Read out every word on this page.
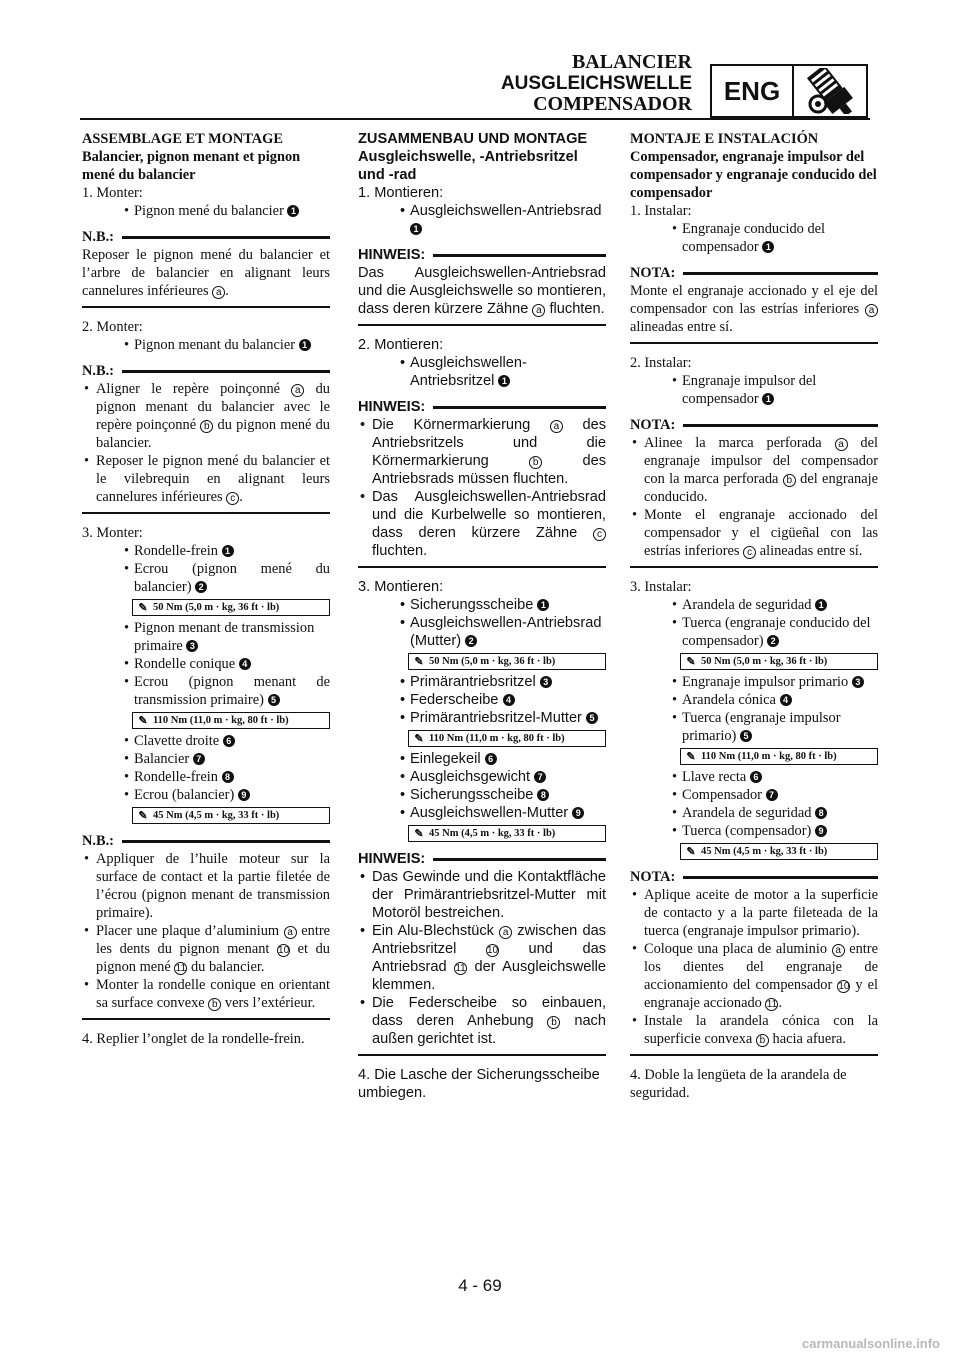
BALANCIER
AUSGLEICHSWELLE
COMPENSADOR	ENG
ASSEMBLAGE ET MONTAGE
Balancier, pignon menant et pignon mené du balancier

1. Monter:

• Pignon mené du balancier 1

N.B.:
Reposer le pignon mené du balancier et l’arbre de balancier en alignant leurs cannelures inférieures a .

2. Monter:

• Pignon menant du balancier 1

N.B.:

• Aligner le repère poinçonné a du pignon menant du balancier avec le repère poinçonné b du pignon mené du balancier.

• Reposer le pignon mené du balancier et le vilebrequin en alignant leurs cannelures inférieures c .

3. Monter:

• Rondelle-frein 1

• Ecrou (pignon mené du balancier) 2

✎ 50 Nm (5,0 m · kg, 36 ft · lb)

• Pignon menant de transmission primaire 3

• Rondelle conique 4

• Ecrou (pignon menant de transmission primaire) 5

✎ 110 Nm (11,0 m · kg, 80 ft · lb)

• Clavette droite 6

• Balancier 7

• Rondelle-frein 8

• Ecrou (balancier) 9

✎ 45 Nm (4,5 m · kg, 33 ft · lb)
N.B.:

• Appliquer de l’huile moteur sur la surface de contact et la partie filetée de l’écrou (pignon menant de transmission primaire).

• Placer une plaque d’aluminium a entre les dents du pignon menant 10 et du pignon mené 11 du balancier.

• Monter la rondelle conique en orientant sa surface convexe b vers l’extérieur.

4. Replier l’onglet de la rondelle-frein.

ZUSAMMENBAU UND MONTAGE
Ausgleichswelle, -Antriebsritzel und -rad

1. Montieren:

• Ausgleichswellen-Antriebsrad 1

HINWEIS:
Das Ausgleichswellen-Antriebsrad und die Ausgleichswelle so montieren, dass deren kürzere Zähne a fluchten.

2. Montieren:

• Ausgleichswellen-Antriebsritzel 1

HINWEIS:

• Die Körnermarkierung a des Antriebsritzels und die Körnermarkierung	b	des Antriebsrads müssen fluchten.

• Das Ausgleichswellen-Antriebsrad und die Kurbelwelle so montieren, dass deren kürzere Zähne c fluchten.

3. Montieren:

• Sicherungsscheibe 1

• Ausgleichswellen-Antriebsrad (Mutter) 2

✎ 50 Nm (5,0 m · kg, 36 ft · lb)

• Primärantriebsritzel 3

• Federscheibe 4

• Primärantriebsritzel-Mutter 5

✎ 110 Nm (11,0 m · kg, 80 ft · lb)

• Einlegekeil 6

• Ausgleichsgewicht 7

• Sicherungsscheibe 8

• Ausgleichswellen-Mutter 9

✎ 45 Nm (4,5 m · kg, 33 ft · lb)
HINWEIS:

• Das Gewinde und die Kontaktfläche der Primärantriebsritzel-Mutter mit Motoröl bestreichen.

• Ein Alu-Blechstück a zwischen das Antriebsritzel	10 und das Antriebsrad 11 der Ausgleichswelle klemmen.

• Die Federscheibe so einbauen, dass deren Anhebung b nach außen gerichtet ist.

4. Die Lasche der Sicherungsscheibe umbiegen.

MONTAJE E INSTALACIÓN
Compensador, engranaje impulsor del compensador y engranaje conducido del compensador

1. Instalar:

• Engranaje conducido del compensador 1

NOTA:
Monte el engranaje accionado y el eje del compensador con las estrías inferiores a alineadas entre sí.

2. Instalar:

• Engranaje impulsor del compensador 1

NOTA:

• Alinee la marca perforada a del engranaje impulsor del compensador con la marca perforada b del engranaje conducido.

• Monte el engranaje accionado del compensador y el cigüeñal con las estrías inferiores c alineadas entre sí.

3. Instalar:

• Arandela de seguridad 1

• Tuerca (engranaje conducido del compensador) 2

✎ 50 Nm (5,0 m · kg, 36 ft · lb)

• Engranaje impulsor primario 3

• Arandela cónica 4

• Tuerca (engranaje impulsor primario) 5

✎ 110 Nm (11,0 m · kg, 80 ft · lb)

• Llave recta 6

• Compensador 7

• Arandela de seguridad 8

• Tuerca (compensador) 9

✎ 45 Nm (4,5 m · kg, 33 ft · lb)
NOTA:

• Aplique aceite de motor a la superficie de contacto y a la parte fileteada de la tuerca (engranaje impulsor primario).

• Coloque una placa de aluminio a entre los dientes del engranaje de accionamiento del compensador 10 y el engranaje accionado 11.

• Instale la arandela cónica con la superficie convexa b hacia afuera.

4. Doble la lengüeta de la arandela de seguridad.

4 - 69
carmanualsonline.info
